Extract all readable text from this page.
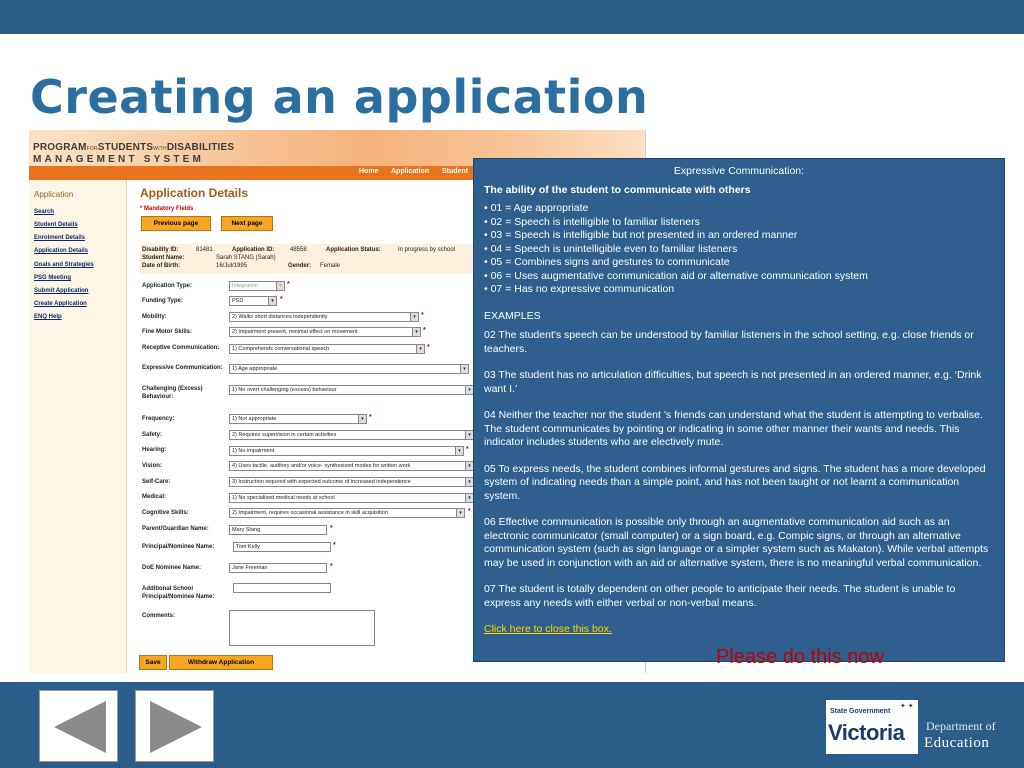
Creating an application
PROGRAMFORSTUDENTSWITHDISABILITIES
MANAGEMENT SYSTEM
Home Application Student
Application
Search
Student Details
Enrolment Details
Application Details
Goals and Strategies
PSG Meeting
Submit Application
Create Application
ENQ Help
Application Details
* Mandatory Fields
Previous page	Next page
Disability ID:	81481	Application ID:	48558	Application Status:	In progress by school
Student Name:	Sarah STANG (Sarah)
Date of Birth:	16/Jul/1995	Gender: Female
Application Type:	Integration	▾ *
Funding Type:	PSD	▾ *
Mobility:	2) Walks short distances independently	▾ *
Fine Motor Skills:	2) Impairment present, minimal effect on movement	▾ *
Receptive Communication:	1) Comprehends conversational speech	▾ *
Expressive Communication:	1) Age appropriate	▾
Challenging (Excess) Behaviour:
1) No overt challenging (excess) behaviour	▾
Frequency:	1) Not appropriate	▾ *
Safety:	2) Requires supervision in certain activities	▾
Hearing:	1) No impairment	▾ *
Vision:	4) Uses tactile, auditory and/or voice- synthesized modes for written work	▾
Self-Care:	3) Instruction required with expected outcome of increased independence	▾
Medical:	1) No specialised medical needs at school	▾
Cognitive Skills:	2) Impairment, requires occasional assistance in skill acquisition	▾ *
Parent/Guardian Name:	Mary Stang	*
Principal/Nominee Name:	Tom Kelly	*
DoE Nominee Name:	Jane Freeman	*
Additional School Principal/Nominee Name:
Comments:
Save	Withdraw Application
Expressive Communication:
The ability of the student to communicate with others
• 01 = Age appropriate
• 02 = Speech is intelligible to familiar listeners
• 03 = Speech is intelligible but not presented in an ordered manner
• 04 = Speech is unintelligible even to familiar listeners
• 05 = Combines signs and gestures to communicate
• 06 = Uses augmentative communication aid or alternative communication system
• 07 = Has no expressive communication
EXAMPLES

02 The student's speech can be understood by familiar listeners in the school setting, e.g. close friends or teachers.

03 The student has no articulation difficulties, but speech is not presented in an ordered manner, e.g. ‘Drink want I.’

04 Neither the teacher nor the student ’s friends can understand what the student is attempting to verbalise. The student communicates by pointing or indicating in some other manner their wants and needs. This indicator includes students who are electively mute.

05 To express needs, the student combines informal gestures and signs. The student has a more developed system of indicating needs than a simple point, and has not been taught or not learnt a communication system.

06 Effective communication is possible only through an augmentative communication aid such as an electronic communicator (small computer) or a sign board, e.g. Compic signs, or through an alternative communication system (such as sign language or a simpler system such as Makaton). While verbal attempts may be used in conjunction with an aid or alternative system, there is no meaningful verbal communication.

07 The student is totally dependent on other people to anticipate their needs. The student is unable to express any needs with either verbal or non-verbal means.

Click here to close this box.
Please do this now
✦ ✦
State Government
Victoria Department of
Education
